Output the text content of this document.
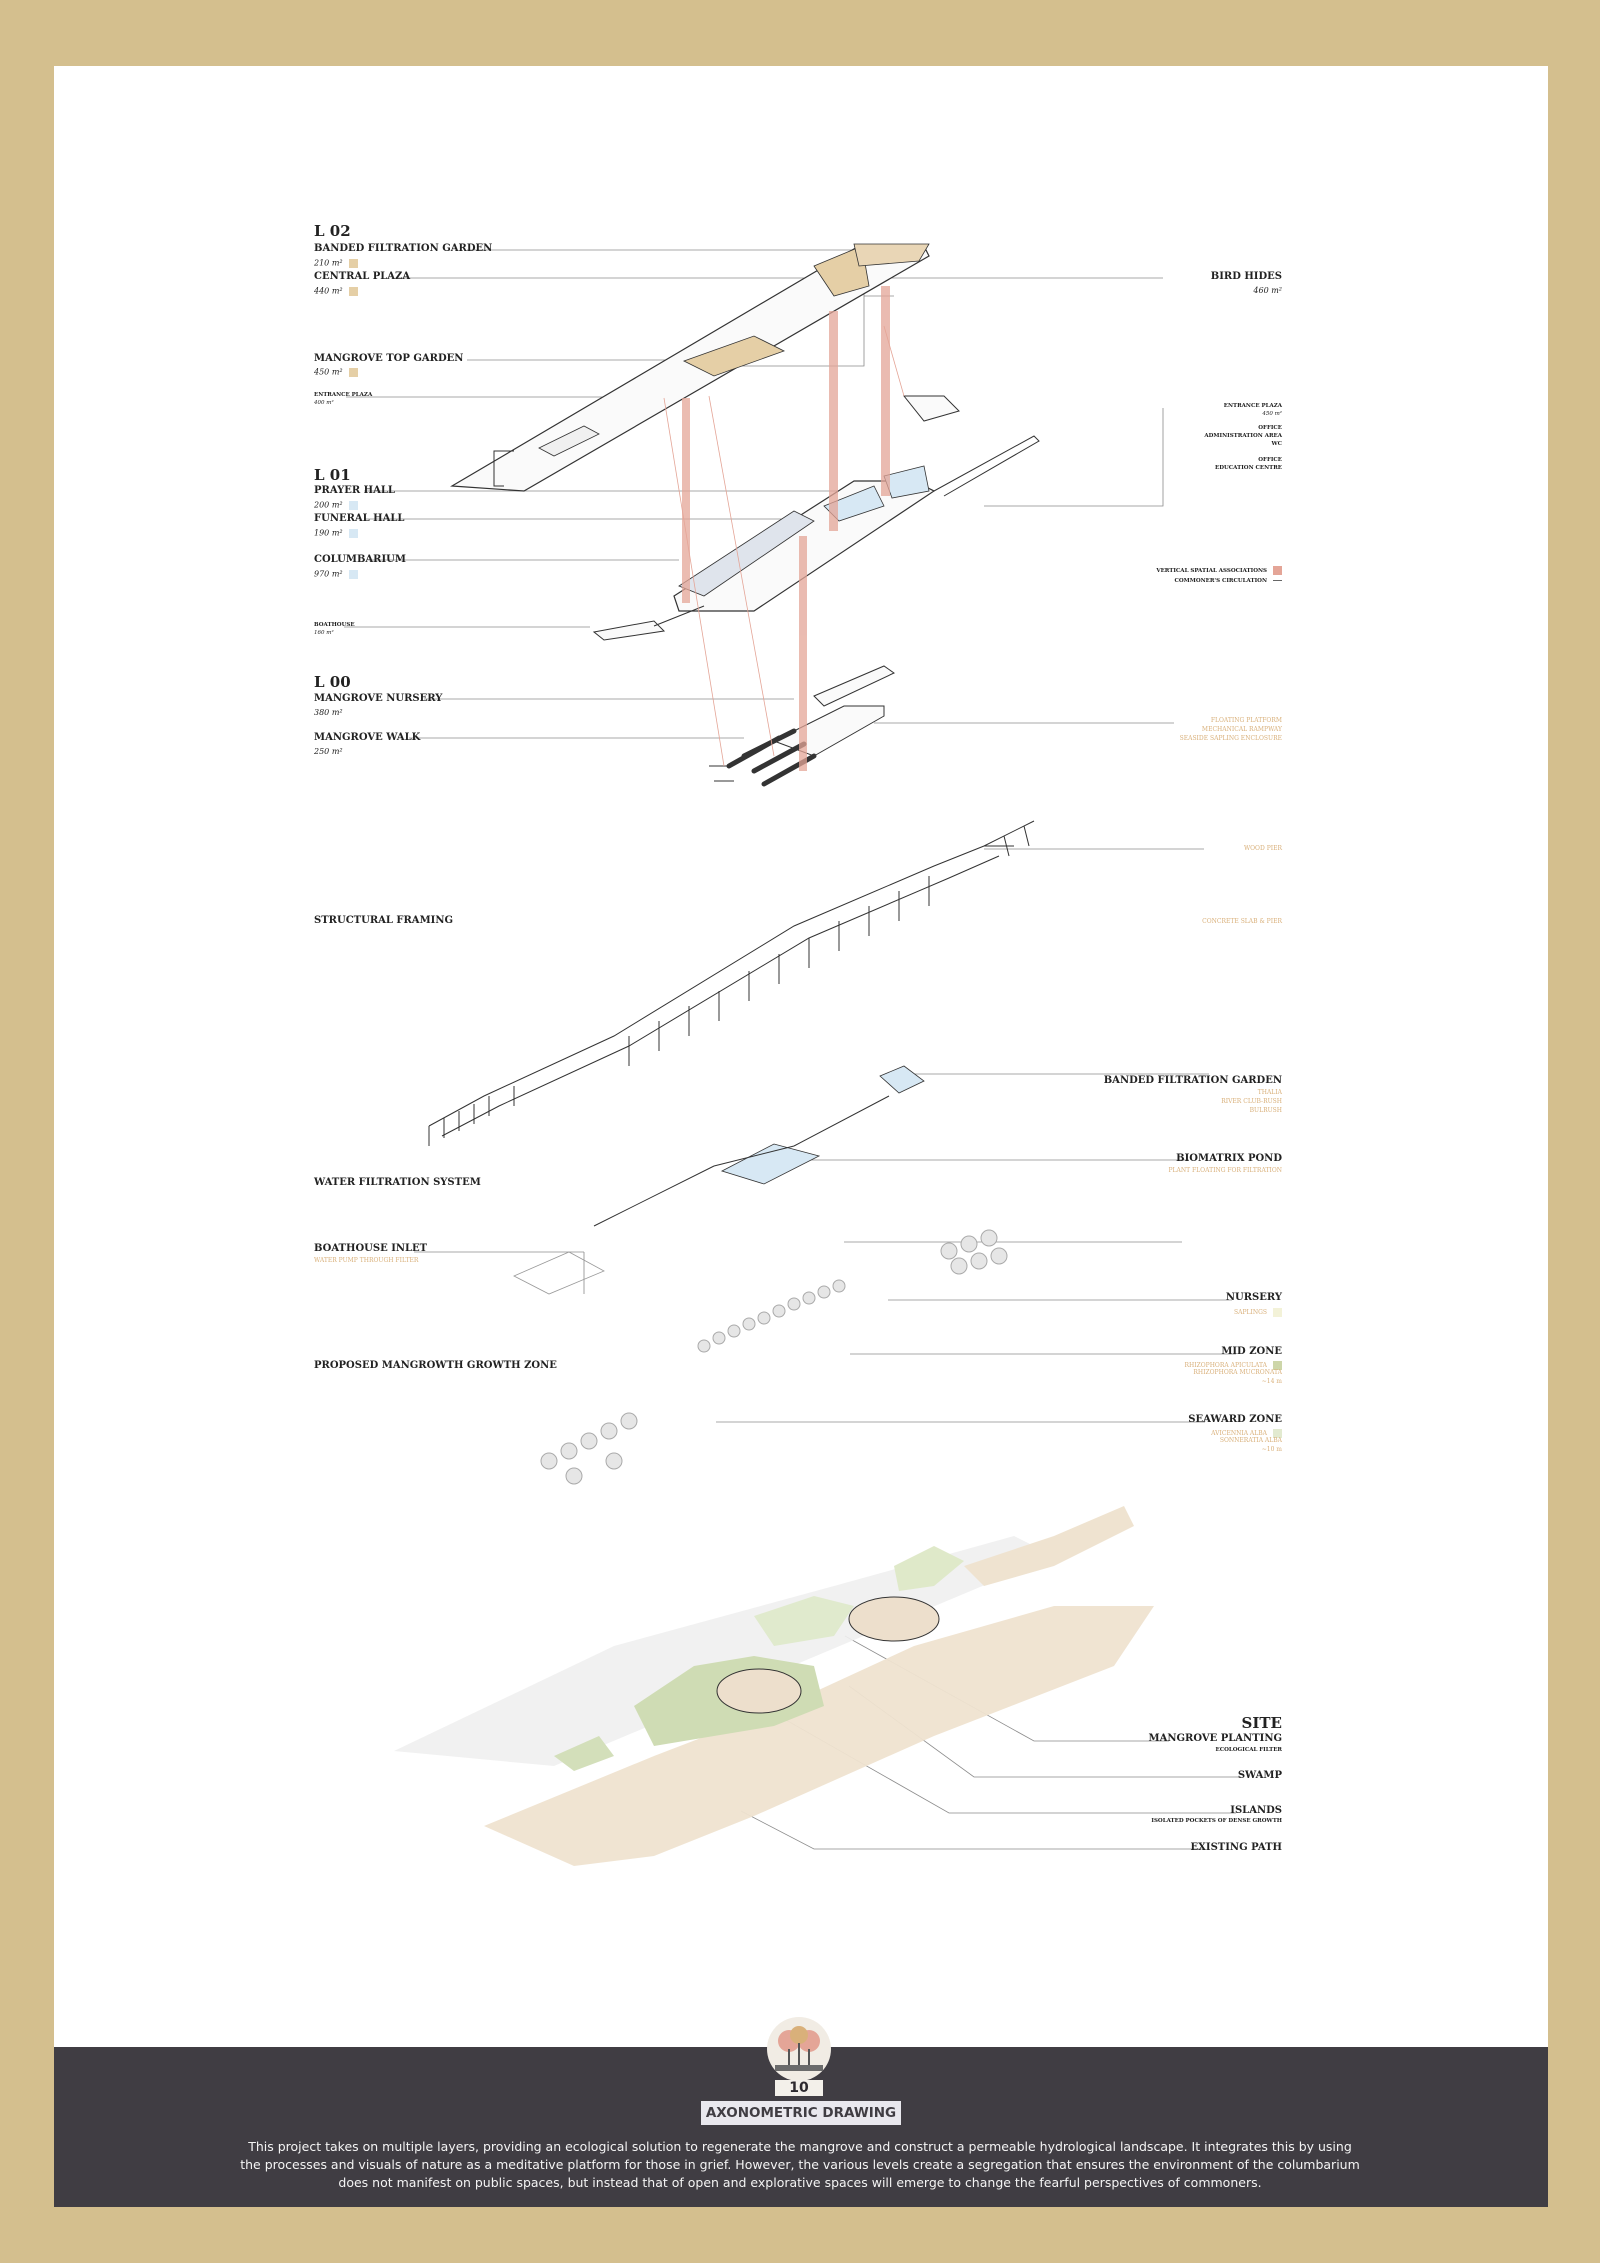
L 02
BANDED FILTRATION GARDEN
210 m²
CENTRAL PLAZA
440 m²
MANGROVE TOP GARDEN
450 m²
ENTRANCE PLAZA
400 m²
L 01
PRAYER HALL
200 m²
FUNERAL HALL
190 m²
COLUMBARIUM
970 m²
BOATHOUSE
160 m²
L 00
MANGROVE NURSERY
380 m²
MANGROVE WALK
250 m²
BIRD HIDES
460 m²
ENTRANCE PLAZA
450 m²
OFFICE
ADMINISTRATION AREA
WC
OFFICE
EDUCATION CENTRE
VERTICAL SPATIAL ASSOCIATIONS
COMMONER'S CIRCULATION
FLOATING PLATFORM
MECHANICAL RAMPWAY
SEASIDE SAPLING ENCLOSURE
WOOD PIER
CONCRETE SLAB & PIER
STRUCTURAL FRAMING
BANDED FILTRATION GARDEN
THALIA
RIVER CLUB-RUSH
BULRUSH
BIOMATRIX POND
PLANT FLOATING FOR FILTRATION
WATER FILTRATION SYSTEM
BOATHOUSE INLET
WATER PUMP THROUGH FILTER
PROPOSED MANGROWTH GROWTH ZONE
NURSERY
SAPLINGS
MID ZONE
RHIZOPHORA APICULATA
RHIZOPHORA MUCRONATA
~14 m
SEAWARD ZONE
AVICENNIA ALBA
SONNERATIA ALBA
~10 m
SITE
MANGROVE PLANTING
ECOLOGICAL FILTER
SWAMP
ISLANDS
ISOLATED POCKETS OF DENSE GROWTH
EXISTING PATH
10
AXONOMETRIC DRAWING

This project takes on multiple layers, providing an ecological solution to regenerate the mangrove and construct a permeable hydrological landscape. It integrates this by using
the processes and visuals of nature as a meditative platform for those in grief. However, the various levels create a segregation that ensures the environment of the columbarium
does not manifest on public spaces, but instead that of open and explorative spaces will emerge to change the fearful perspectives of commoners.
